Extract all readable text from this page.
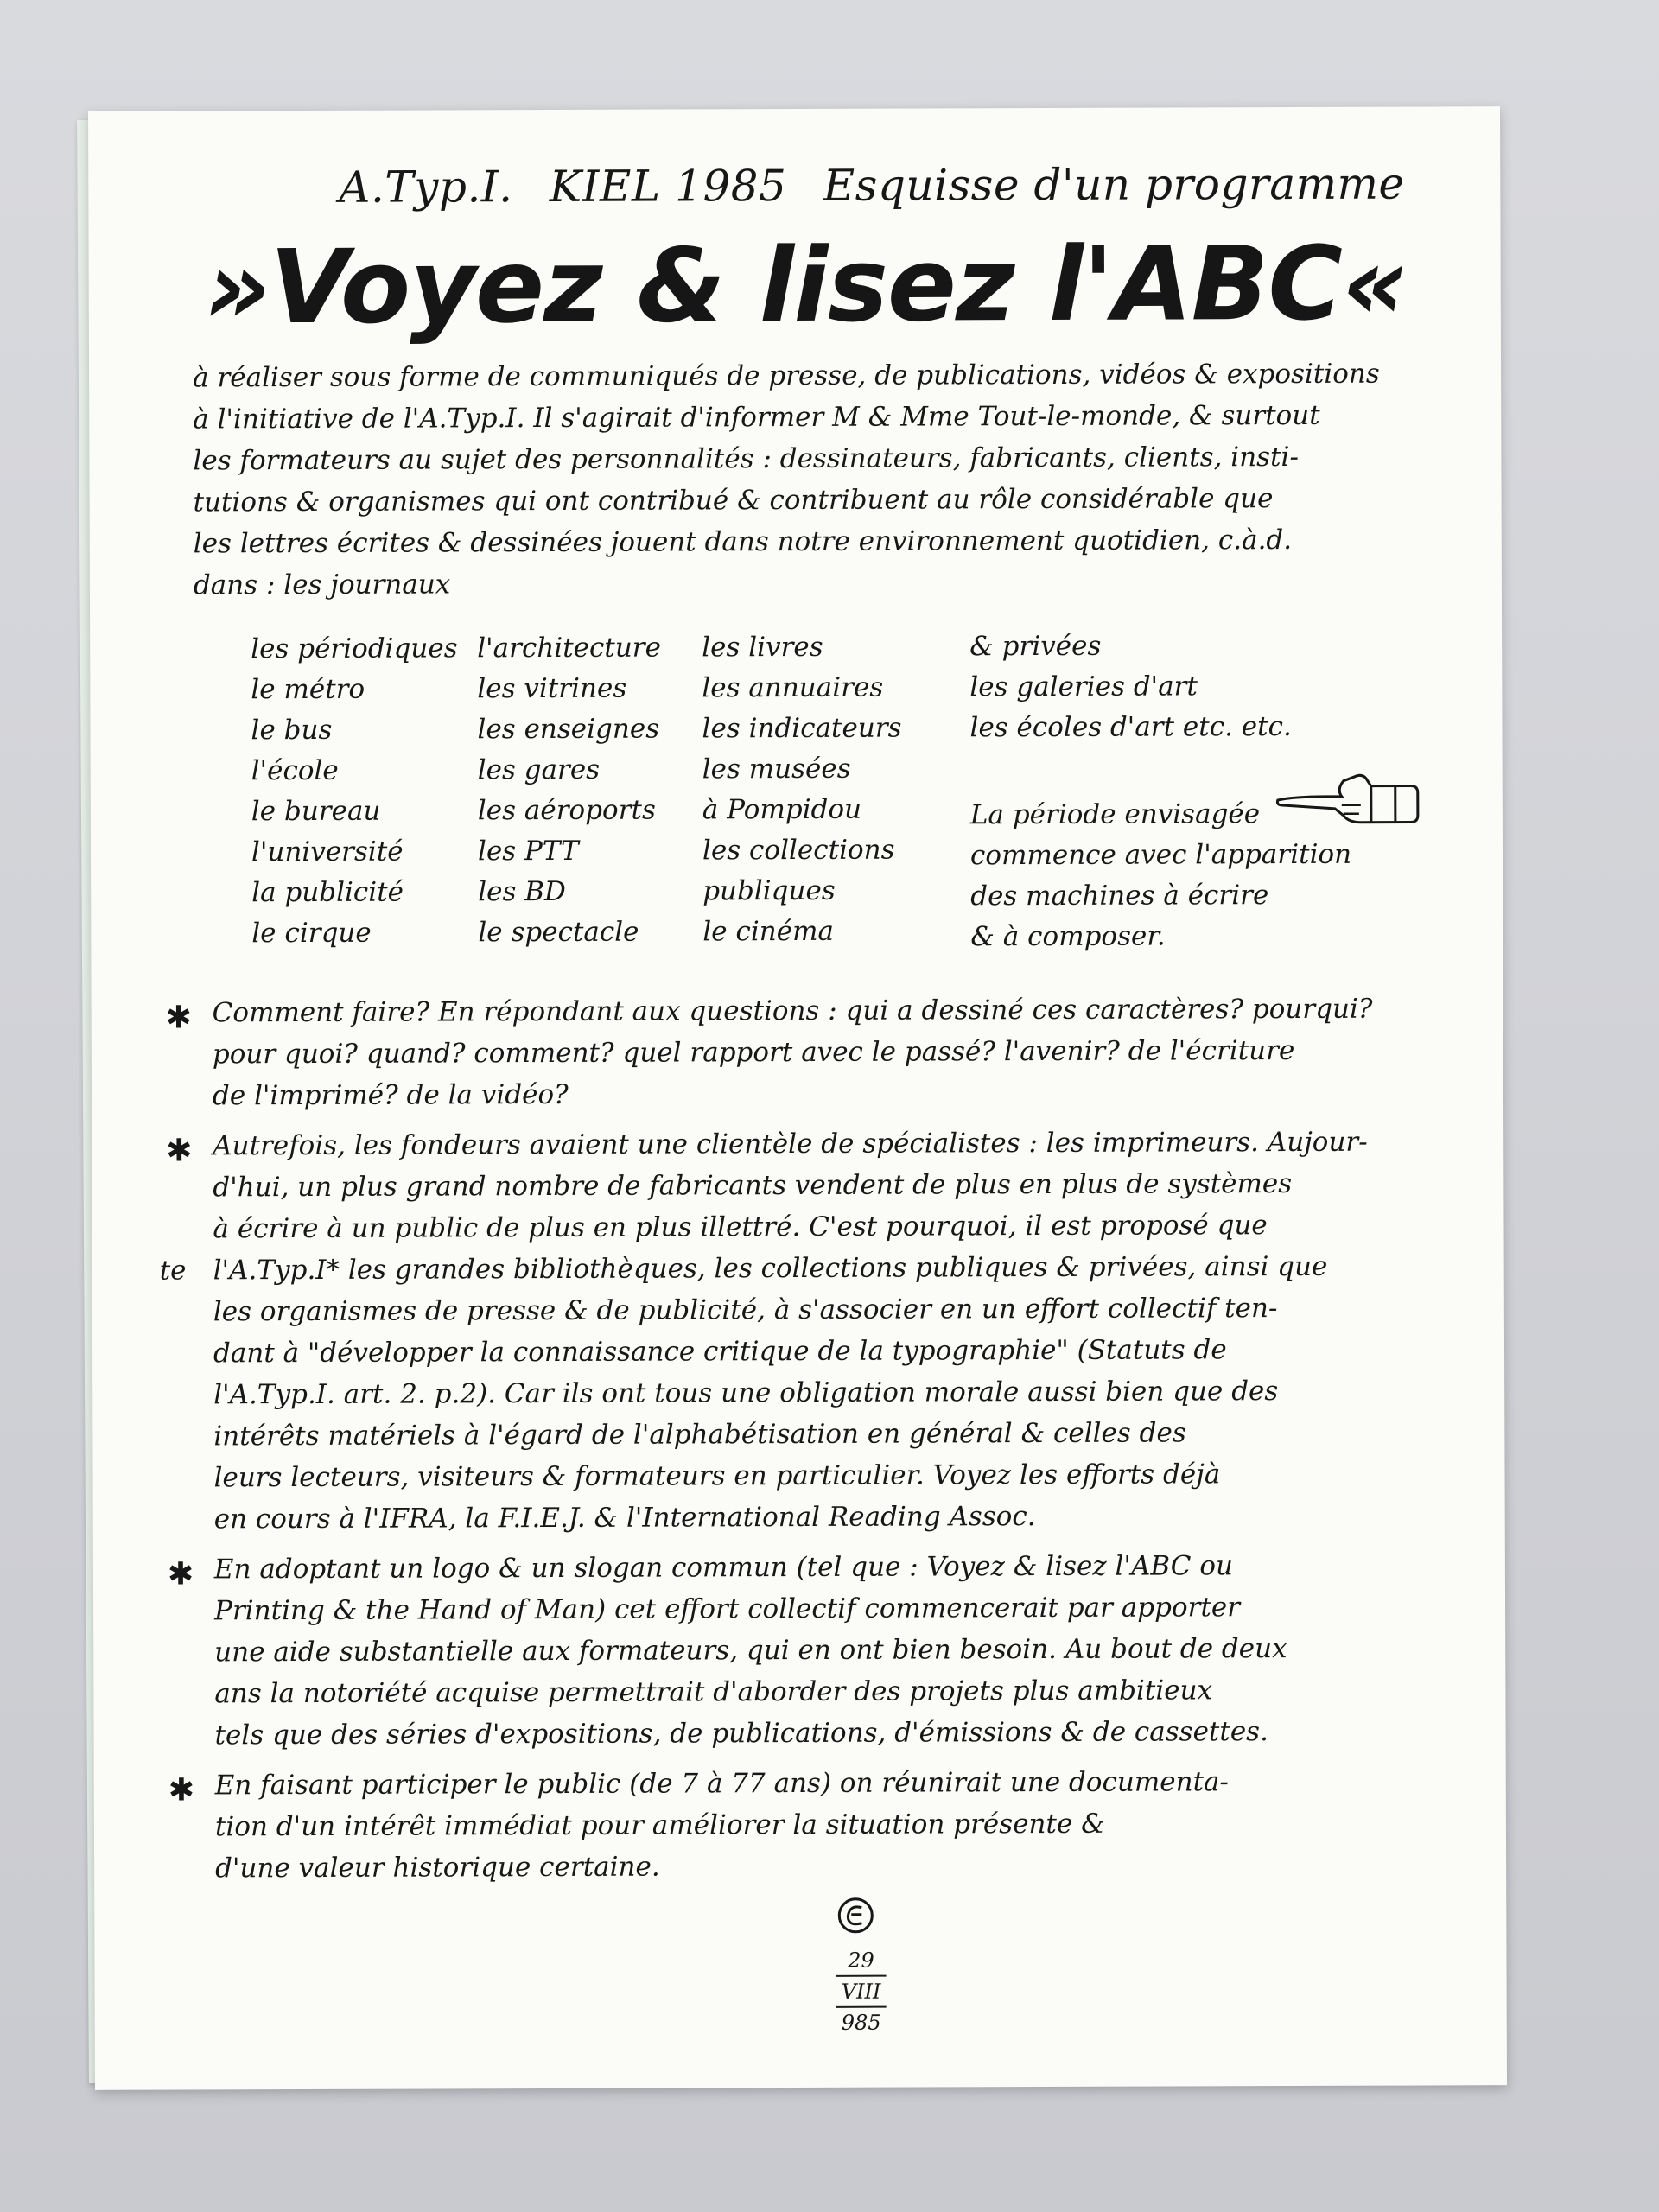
A.Typ.I. KIEL 1985 Esquisse d'un programme
»Voyez & lisez l'ABC«

à réaliser sous forme de communiqués de presse, de publications, vidéos & expositions

à l'initiative de l'A.Typ.I. Il s'agirait d'informer M & Mme Tout-le-monde, & surtout

les formateurs au sujet des personnalités : dessinateurs, fabricants, clients, insti-

tutions & organismes qui ont contribué & contribuent au rôle considérable que

les lettres écrites & dessinées jouent dans notre environnement quotidien, c.à.d.

dans : les journaux

les périodiques
le métro
le bus
l'école
le bureau
l'université
la publicité
le cirque
l'architecture
les vitrines
les enseignes
les gares
les aéroports
les PTT
les BD
le spectacle
les livres
les annuaires
les indicateurs
les musées
à Pompidou
les collections
publiques
le cinéma
& privées
les galeries d'art
les écoles d'art etc. etc.
La période envisagée
commence avec l'apparition
des machines à écrire
& à composer.
✱ Comment faire? En répondant aux questions : qui a dessiné ces caractères? pourqui?

pour quoi? quand? comment? quel rapport avec le passé? l'avenir? de l'écriture

de l'imprimé? de la vidéo?

✱ Autrefois, les fondeurs avaient une clientèle de spécialistes : les imprimeurs. Aujour-

d'hui, un plus grand nombre de fabricants vendent de plus en plus de systèmes

à écrire à un public de plus en plus illettré. C'est pourquoi, il est proposé que

te l'A.Typ.I* les grandes bibliothèques, les collections publiques & privées, ainsi que

les organismes de presse & de publicité, à s'associer en un effort collectif ten-

dant à "développer la connaissance critique de la typographie" (Statuts de

l'A.Typ.I. art. 2. p.2). Car ils ont tous une obligation morale aussi bien que des

intérêts matériels à l'égard de l'alphabétisation en général & celles des

leurs lecteurs, visiteurs & formateurs en particulier. Voyez les efforts déjà

en cours à l'IFRA, la F.I.E.J. & l'International Reading Assoc.

✱ En adoptant un logo & un slogan commun (tel que : Voyez & lisez l'ABC ou

Printing & the Hand of Man) cet effort collectif commencerait par apporter

une aide substantielle aux formateurs, qui en ont bien besoin. Au bout de deux

ans la notoriété acquise permettrait d'aborder des projets plus ambitieux

tels que des séries d'expositions, de publications, d'émissions & de cassettes.

✱ En faisant participer le public (de 7 à 77 ans) on réunirait une documenta-

tion d'un intérêt immédiat pour améliorer la situation présente &

d'une valeur historique certaine.

29
VIII
985
